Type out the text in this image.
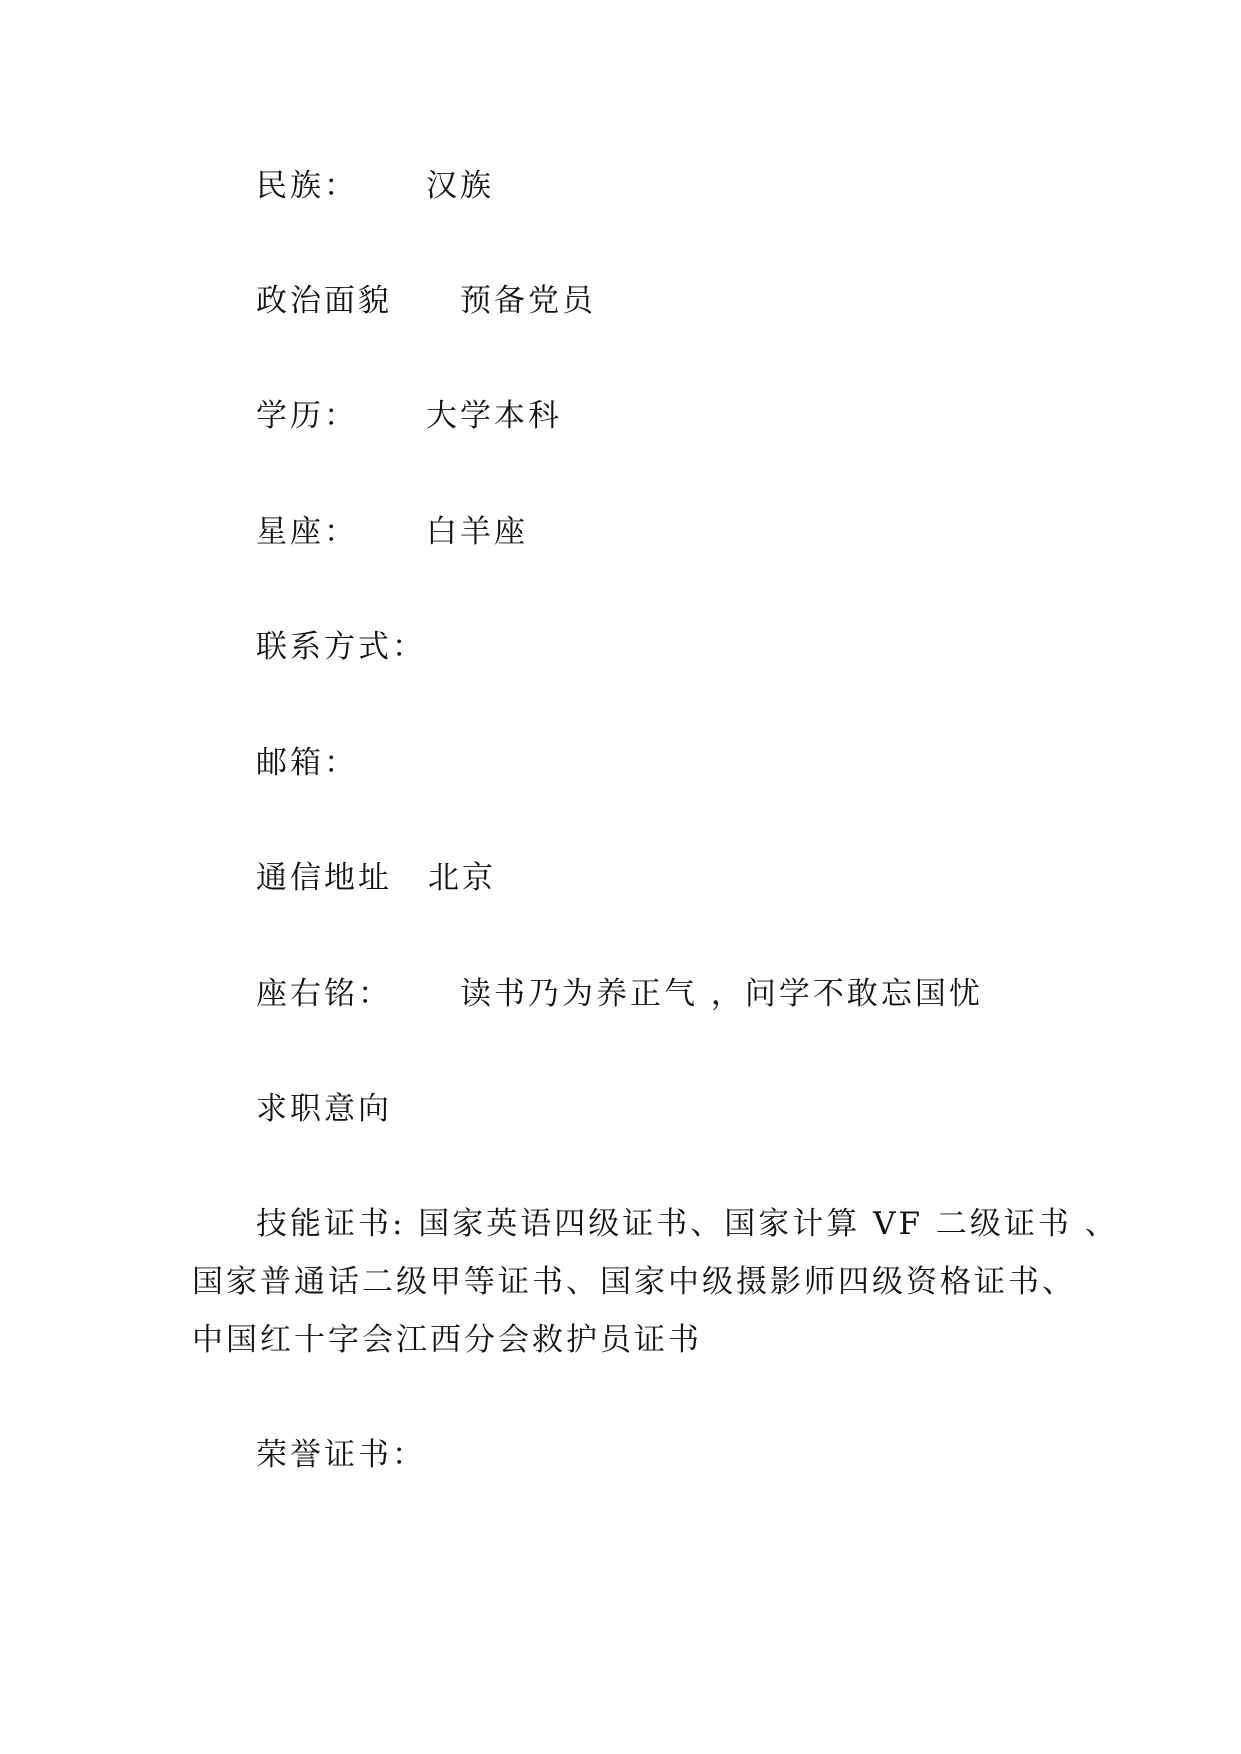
民族： 汉族
政治面貌 预备党员
学历： 大学本科
星座： 白羊座
联系方式：
邮箱：
通信地址 北京
座右铭： 读书乃为养正气 ，问学不敢忘国忧
求职意向
技能证书: 国家英语四级证书、国家计算 VF 二级证书 、
国家普通话二级甲等证书、国家中级摄影师四级资格证书、
中国红十字会江西分会救护员证书
荣誉证书：
